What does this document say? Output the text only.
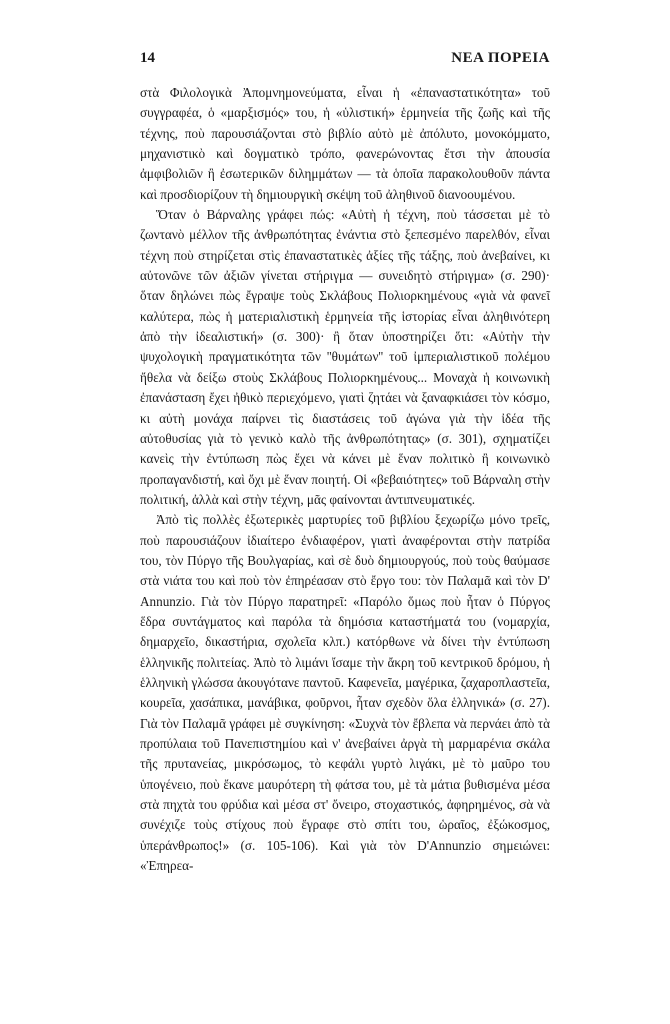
14	ΝΕΑ ΠΟΡΕΙΑ

στὰ Φιλολογικὰ Ἀπομνημονεύματα, εἶναι ἡ «ἐπαναστατικότητα» τοῦ συγγραφέα, ὁ «μαρξισμός» του, ἡ «ὑλιστική» ἑρμηνεία τῆς ζωῆς καὶ τῆς τέχνης, ποὺ παρουσιάζονται στὸ βιβλίο αὐτὸ μὲ ἀπόλυτο, μονοκόμματο, μηχανιστικὸ καὶ δογματικὸ τρόπο, φανερώνοντας ἔτσι τὴν ἀπουσία ἀμφιβολιῶν ἢ ἐσωτερικῶν διλημμάτων — τὰ ὁποῖα παρακολουθοῦν πάντα καὶ προσδιορίζουν τὴ δημιουργικὴ σκέψη τοῦ ἀληθινοῦ διανοουμένου.

Ὅταν ὁ Βάρναλης γράφει πώς: «Αὐτὴ ἡ τέχνη, ποὺ τάσσεται μὲ τὸ ζωντανὸ μέλλον τῆς ἀνθρωπότητας ἐνάντια στὸ ξεπεσμένο παρελθόν, εἶναι τέχνη ποὺ στηρίζεται στὶς ἐπαναστατικὲς ἀξίες τῆς τάξης, ποὺ ἀνεβαίνει, κι αὐτονῶνε τῶν ἀξιῶν γίνεται στήριγμα — συνειδητὸ στήριγμα» (σ. 290)· ὅταν δηλώνει πὼς ἔγραψε τοὺς Σκλάβους Πολιορκημένους «γιὰ νὰ φανεῖ καλύτερα, πὼς ἡ ματεριαλιστικὴ ἑρμηνεία τῆς ἱστορίας εἶναι ἀληθινότερη ἀπὸ τὴν ἰδεαλιστική» (σ. 300)· ἢ ὅταν ὑποστηρίζει ὅτι: «Αὐτὴν τὴν ψυχολογικὴ πραγματικότητα τῶν ''θυμάτων'' τοῦ ἰμπεριαλιστικοῦ πολέμου ἤθελα νὰ δείξω στοὺς Σκλάβους Πολιορκημένους... Μοναχὰ ἡ κοινωνικὴ ἐπανάσταση ἔχει ἠθικὸ περιεχόμενο, γιατὶ ζητάει νὰ ξαναφκιάσει τὸν κόσμο, κι αὐτὴ μονάχα παίρνει τὶς διαστάσεις τοῦ ἀγώνα γιὰ τὴν ἰδέα τῆς αὐτοθυσίας γιὰ τὸ γενικὸ καλὸ τῆς ἀνθρωπότητας» (σ. 301), σχηματίζει κανεὶς τὴν ἐντύπωση πὼς ἔχει νὰ κάνει μὲ ἕναν πολιτικὸ ἢ κοινωνικὸ προπαγανδιστή, καὶ ὄχι μὲ ἕναν ποιητή. Οἱ «βεβαιότητες» τοῦ Βάρναλη στὴν πολιτική, ἀλλὰ καὶ στὴν τέχνη, μᾶς φαίνονται ἀντιπνευματικές.

Ἀπὸ τὶς πολλὲς ἐξωτερικὲς μαρτυρίες τοῦ βιβλίου ξεχωρίζω μόνο τρεῖς, ποὺ παρουσιάζουν ἰδιαίτερο ἐνδιαφέρον, γιατὶ ἀναφέρονται στὴν πατρίδα του, τὸν Πύργο τῆς Βουλγαρίας, καὶ σὲ δυὸ δημιουργούς, ποὺ τοὺς θαύμασε στὰ νιάτα του καὶ ποὺ τὸν ἐπηρέασαν στὸ ἔργο του: τὸν Παλαμᾶ καὶ τὸν D' Annunzio. Γιὰ τὸν Πύργο παρατηρεῖ: «Παρόλο ὅμως ποὺ ἦταν ὁ Πύργος ἕδρα συντάγματος καὶ παρόλα τὰ δημόσια καταστήματά του (νομαρχία, δημαρχεῖο, δικαστήρια, σχολεῖα κλπ.) κατόρθωνε νὰ δίνει τὴν ἐντύπωση ἑλληνικῆς πολιτείας. Ἀπὸ τὸ λιμάνι ἴσαμε τὴν ἄκρη τοῦ κεντρικοῦ δρόμου, ἡ ἑλληνικὴ γλώσσα ἀκουγότανε παντοῦ. Καφενεῖα, μαγέρικα, ζαχαροπλαστεῖα, κουρεῖα, χασάπικα, μανάβικα, φοῦρνοι, ἦταν σχεδὸν ὅλα ἑλληνικά» (σ. 27). Γιὰ τὸν Παλαμᾶ γράφει μὲ συγκίνηση: «Συχνὰ τὸν ἔβλεπα νὰ περνάει ἀπὸ τὰ προπύλαια τοῦ Πανεπιστημίου καὶ ν' ἀνεβαίνει ἀργὰ τὴ μαρμαρένια σκάλα τῆς πρυτανείας, μικρόσωμος, τὸ κεφάλι γυρτὸ λιγάκι, μὲ τὸ μαῦρο του ὑπογένειο, ποὺ ἔκανε μαυρότερη τὴ φάτσα του, μὲ τὰ μάτια βυθισμένα μέσα στὰ πηχτὰ του φρύδια καὶ μέσα στ' ὄνειρο, στοχαστικός, ἀφηρημένος, σὰ νὰ συνέχιζε τοὺς στίχους ποὺ ἔγραφε στὸ σπίτι του, ὡραῖος, ἐξώκοσμος, ὑπεράνθρωπος!» (σ. 105-106). Καὶ γιὰ τὸν D'Annunzio σημειώνει: «Ἐπηρεα-
